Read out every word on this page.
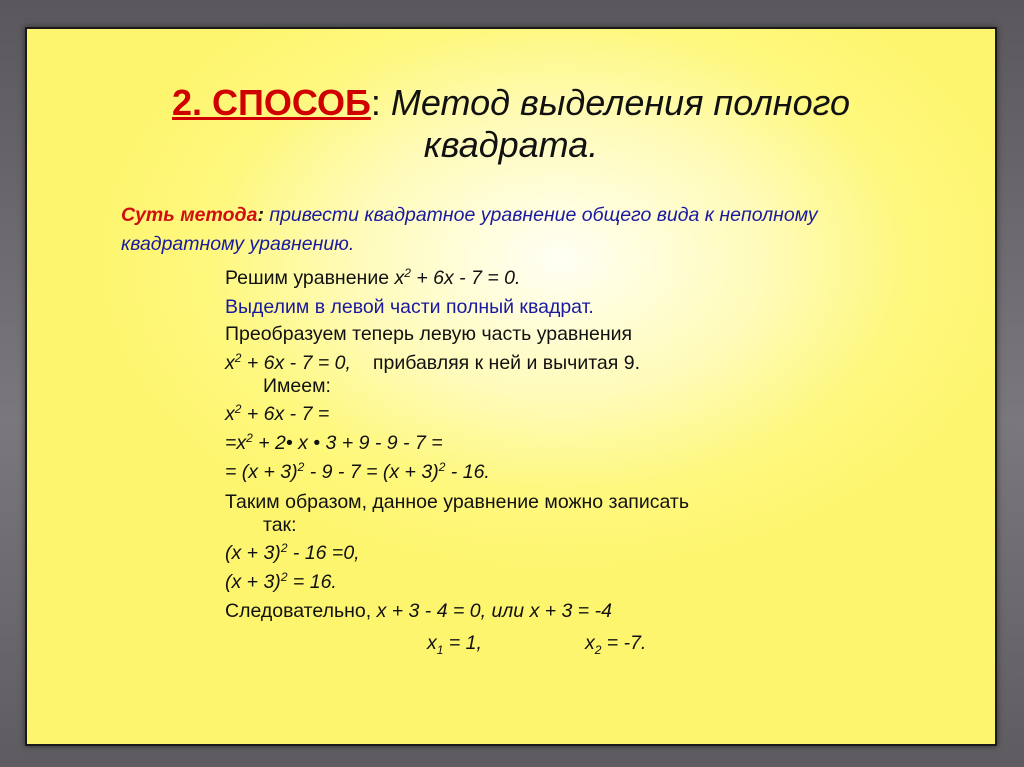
2. СПОСОБ: Метод выделения полного

квадрата.

Суть метода: привести квадратное уравнение общего вида к неполному квадратному уравнению.

Решим уравнение $x^2 + 6x - 7 = 0$.

Выделим в левой части полный квадрат.

Преобразуем теперь левую часть уравнения

$x^2 + 6x - 7 = 0$, прибавляя к ней и вычитая 9.

Имеем:

$x^2 + 6x - 7$ =

$=x^2$ + 2• x • 3 + 9 - 9 - 7 =

= $(x + 3)^2 - 9 - 7 = (x + 3)^2 - 16$.

Таким образом, данное уравнение можно записать

так:

$(x + 3)^2 - 16 =0$,

$(x + 3)^2 = 16$.

Следовательно, x + 3 - 4 = 0, или x + 3 = -4

$x_1 = 1$,	$x_2 = -7$.
